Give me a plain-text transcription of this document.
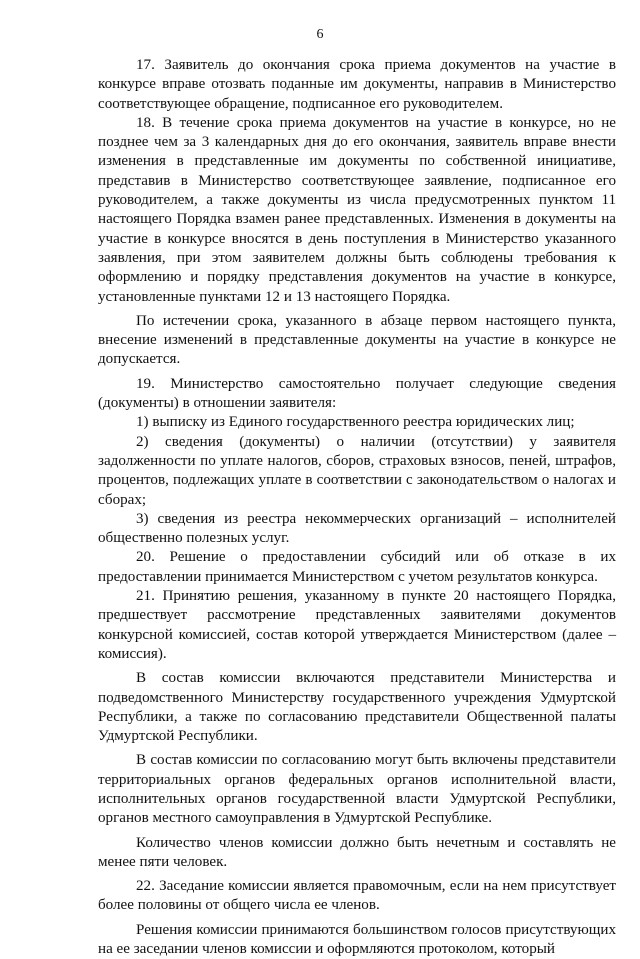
6

17. Заявитель до окончания срока приема документов на участие в конкурсе вправе отозвать поданные им документы, направив в Министерство соответствующее обращение, подписанное его руководителем.

18. В течение срока приема документов на участие в конкурсе, но не позднее чем за 3 календарных дня до его окончания, заявитель вправе внести изменения в представленные им документы по собственной инициативе, представив в Министерство соответствующее заявление, подписанное его руководителем, а также документы из числа предусмотренных пунктом 11 настоящего Порядка взамен ранее представленных. Изменения в документы на участие в конкурсе вносятся в день поступления в Министерство указанного заявления, при этом заявителем должны быть соблюдены требования к оформлению и порядку представления документов на участие в конкурсе, установленные пунктами 12 и 13 настоящего Порядка.

По истечении срока, указанного в абзаце первом настоящего пункта, внесение изменений в представленные документы на участие в конкурсе не допускается.

19. Министерство самостоятельно получает следующие сведения (документы) в отношении заявителя:

1) выписку из Единого государственного реестра юридических лиц;

2) сведения (документы) о наличии (отсутствии) у заявителя задолженности по уплате налогов, сборов, страховых взносов, пеней, штрафов, процентов, подлежащих уплате в соответствии с законодательством о налогах и сборах;

3) сведения из реестра некоммерческих организаций – исполнителей общественно полезных услуг.

20. Решение о предоставлении субсидий или об отказе в их предоставлении принимается Министерством с учетом результатов конкурса.

21. Принятию решения, указанному в пункте 20 настоящего Порядка, предшествует рассмотрение представленных заявителями документов конкурсной комиссией, состав которой утверждается Министерством (далее – комиссия).

В состав комиссии включаются представители Министерства и подведомственного Министерству государственного учреждения Удмуртской Республики, а также по согласованию представители Общественной палаты Удмуртской Республики.

В состав комиссии по согласованию могут быть включены представители территориальных органов федеральных органов исполнительной власти, исполнительных органов государственной власти Удмуртской Республики, органов местного самоуправления в Удмуртской Республике.

Количество членов комиссии должно быть нечетным и составлять не менее пяти человек.

22. Заседание комиссии является правомочным, если на нем присутствует более половины от общего числа ее членов.

Решения комиссии принимаются большинством голосов присутствующих на ее заседании членов комиссии и оформляются протоколом, который
